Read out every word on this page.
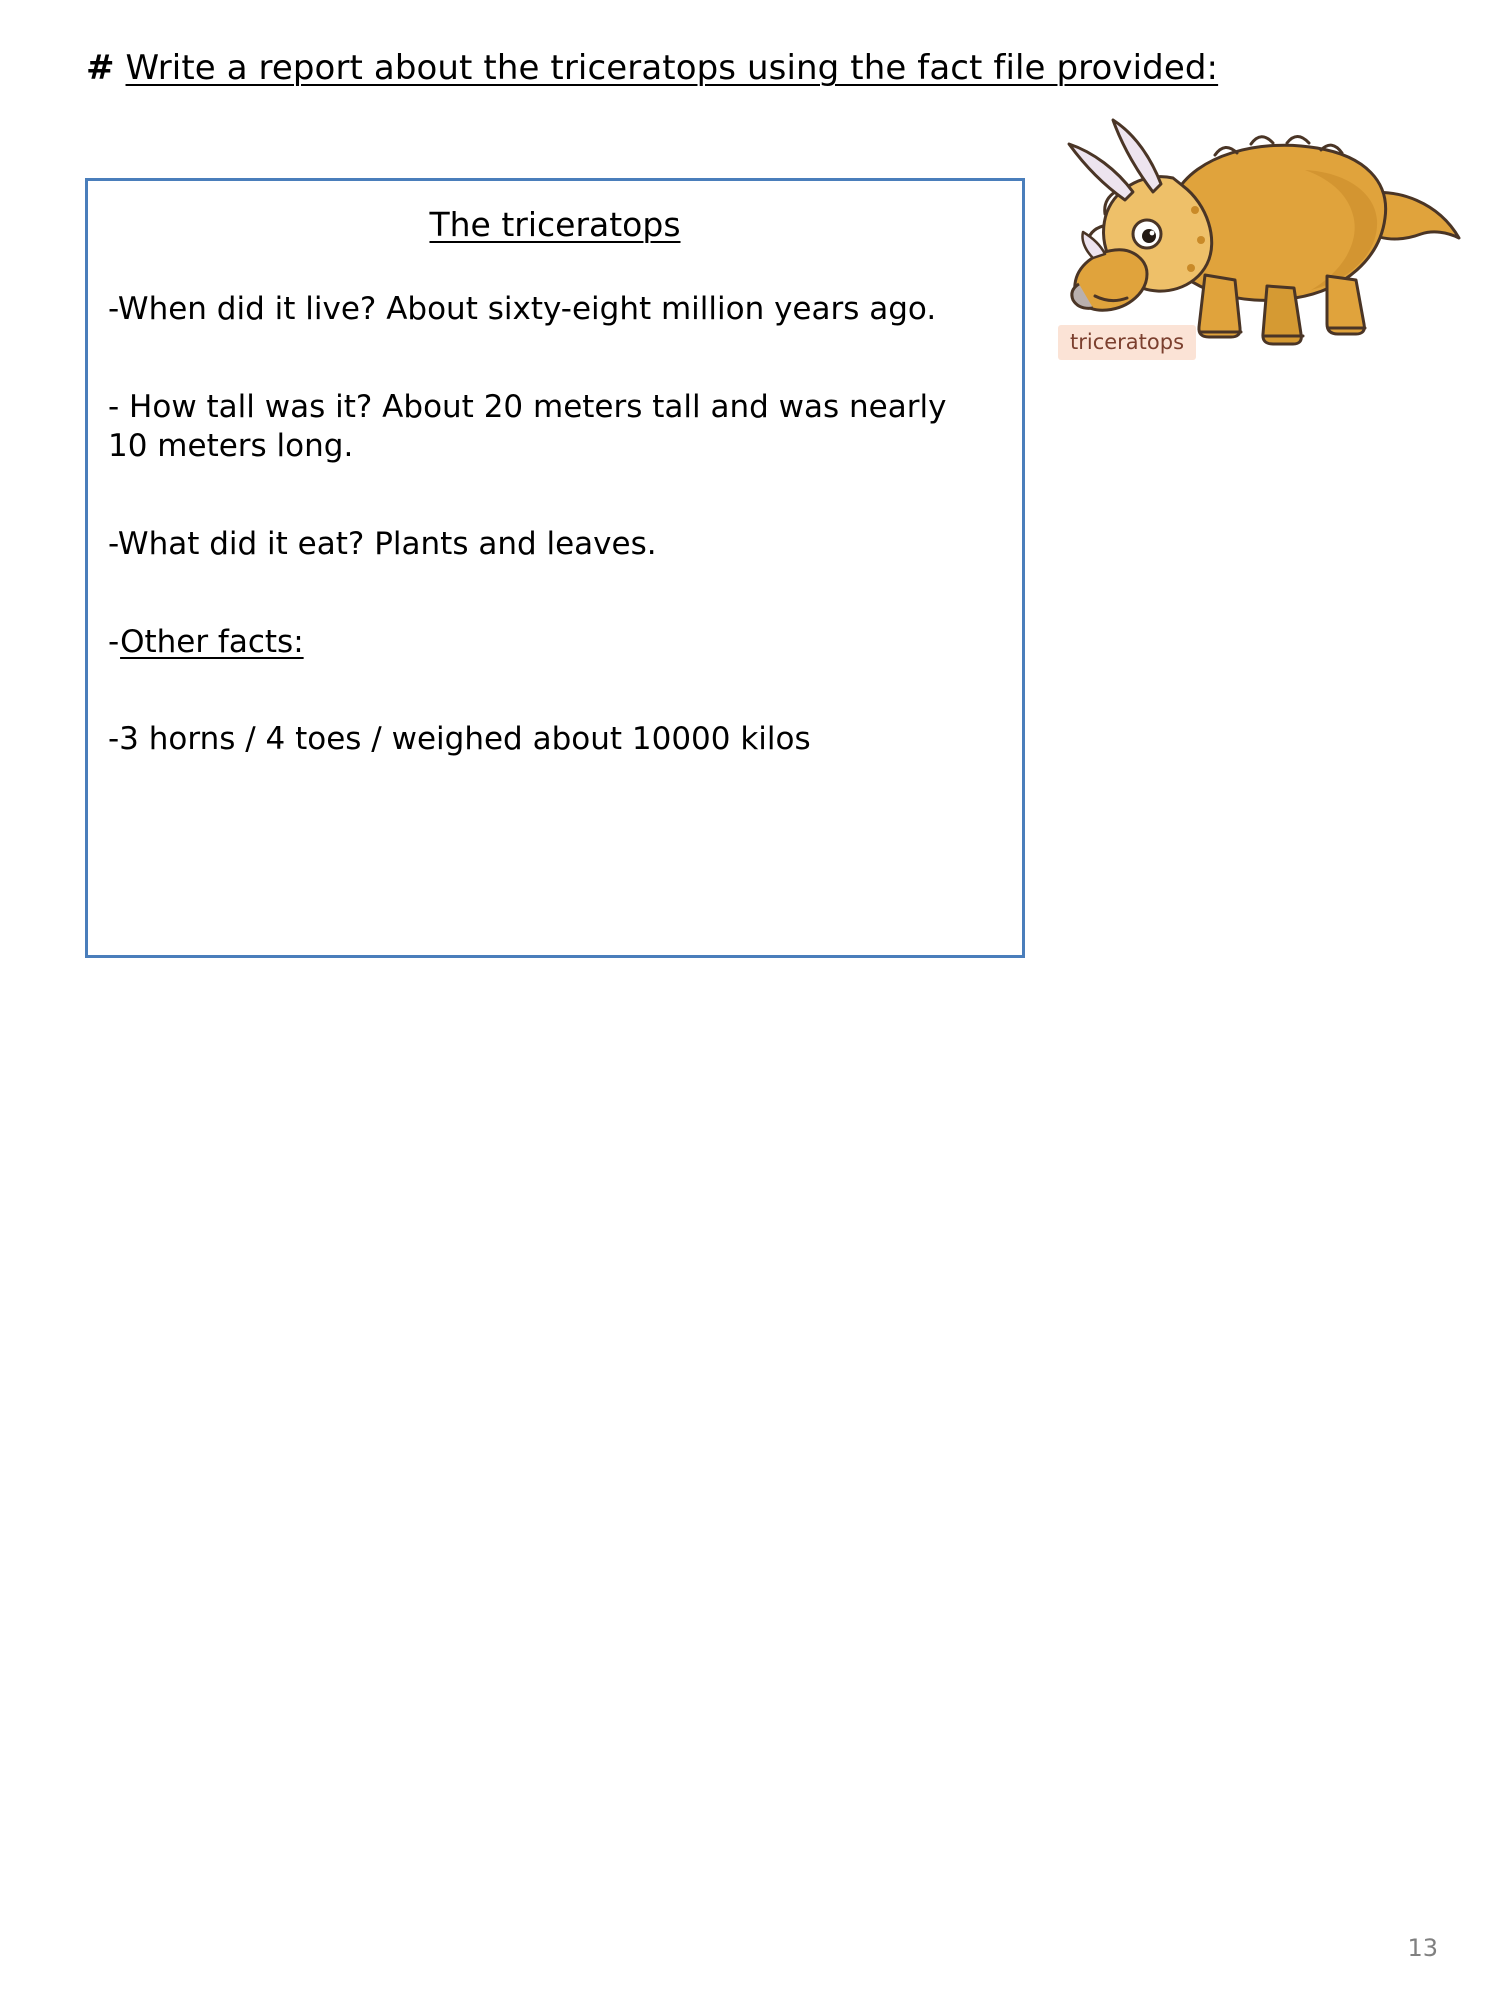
# Write a report about the triceratops using the fact file provided:
The triceratops

-When did it live? About sixty-eight million years ago.

- How tall was it? About 20 meters tall and was nearly 10 meters long.

-What did it eat? Plants and leaves.

-Other facts:

-3 horns / 4 toes / weighed about 10000 kilos

triceratops
13
